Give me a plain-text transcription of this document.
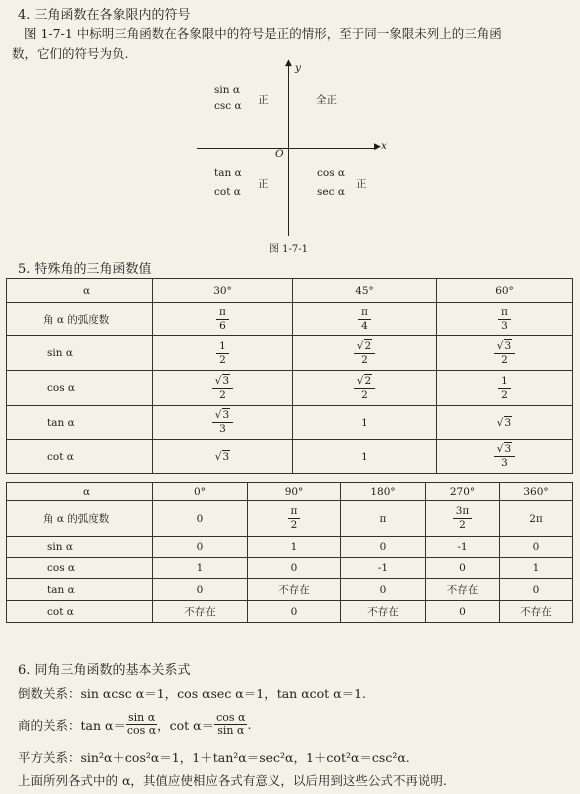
4. 三角函数在各象限内的符号
图 1-7-1 中标明三角函数在各象限中的符号是正的情形，至于同一象限未列上的三角函
数，它们的符号为负.
▲
▶
y
x
O
sin α
csc α 正	全正
tan α
cot α
正
cos α
sec α
正
图 1-7-1
5. 特殊角的三角函数值
α	30°	45°	60°
角 α 的弧度数	$\frac{\pi}{6}$	$\frac{\pi}{4}$	$\frac{\pi}{3}$

sin α	$\frac{1}{2}$	$\frac{√2}{2}$	$\frac{√3}{2}$

cos α	$\frac{√3}{2}$	$\frac{√2}{2}$	$\frac{1}{2}$

tan α	$\frac{√3}{3}$	1	√3
cot α	√3	1	$\frac{√3}{3}$
α	0°	90°	180°	270°	360°
角 α 的弧度数	0	$\frac{\pi}{2}$	π	$\frac{3\pi}{2}$	2π
sin α	0	1	0	-1	0
cos α	1	0	-1	0	1
tan α	0	不存在	0	不存在	0
cot α	不存在	0	不存在	0	不存在
6. 同角三角函数的基本关系式
倒数关系：sin αcsc α＝1，cos αsec α＝1，tan αcot α＝1.
商的关系：$\tan \alpha= \frac{\text{sin α}}{\text{cos α}}$ ，$\cot \alpha= \frac{\text{cos α}}{\text{sin α}}$ .
平方关系：sin²α＋cos²α＝1，1＋tan²α＝sec²α，1＋cot²α＝csc²α.
上面所列各式中的 α，其值应使相应各式有意义，以后用到这些公式不再说明.
